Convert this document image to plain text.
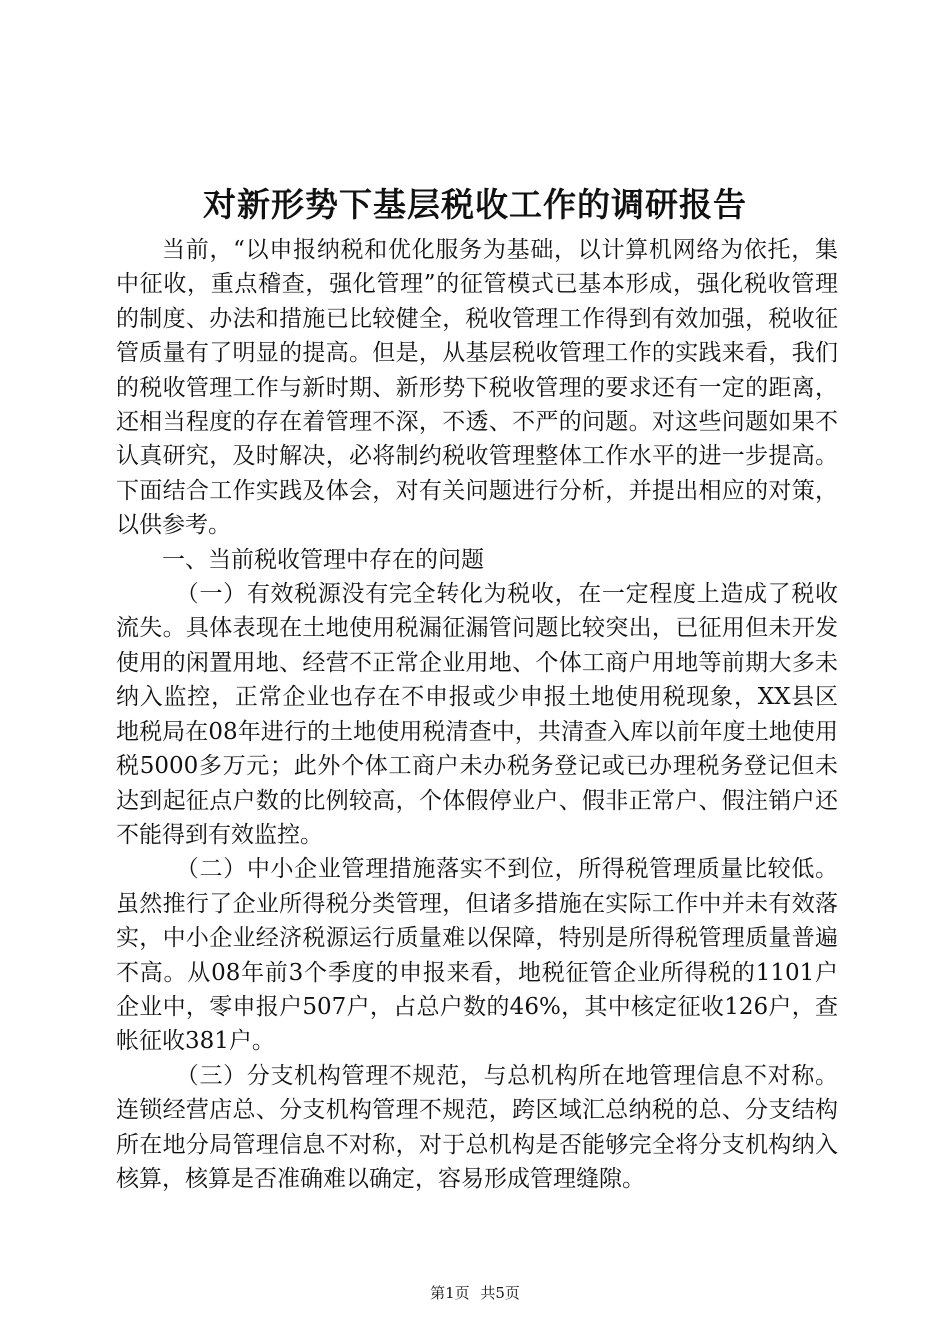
对新形势下基层税收工作的调研报告

当前，“以申报纳税和优化服务为基础，以计算机网络为依托，集中征收，重点稽查，强化管理”的征管模式已基本形成，强化税收管理的制度、办法和措施已比较健全，税收管理工作得到有效加强，税收征管质量有了明显的提高。但是，从基层税收管理工作的实践来看，我们的税收管理工作与新时期、新形势下税收管理的要求还有一定的距离，还相当程度的存在着管理不深，不透、不严的问题。对这些问题如果不认真研究，及时解决，必将制约税收管理整体工作水平的进一步提高。下面结合工作实践及体会，对有关问题进行分析，并提出相应的对策，以供参考。

一、当前税收管理中存在的问题

（一）有效税源没有完全转化为税收，在一定程度上造成了税收流失。具体表现在土地使用税漏征漏管问题比较突出，已征用但未开发使用的闲置用地、经营不正常企业用地、个体工商户用地等前期大多未纳入监控，正常企业也存在不申报或少申报土地使用税现象，XX县区地税局在08年进行的土地使用税清查中，共清查入库以前年度土地使用税5000多万元；此外个体工商户未办税务登记或已办理税务登记但未达到起征点户数的比例较高，个体假停业户、假非正常户、假注销户还不能得到有效监控。

（二）中小企业管理措施落实不到位，所得税管理质量比较低。虽然推行了企业所得税分类管理，但诸多措施在实际工作中并未有效落实，中小企业经济税源运行质量难以保障，特别是所得税管理质量普遍不高。从08年前3个季度的申报来看，地税征管企业所得税的1101户企业中，零申报户507户，占总户数的46%，其中核定征收126户，查帐征收381户。

（三）分支机构管理不规范，与总机构所在地管理信息不对称。连锁经营店总、分支机构管理不规范，跨区域汇总纳税的总、分支结构所在地分局管理信息不对称，对于总机构是否能够完全将分支机构纳入核算，核算是否准确难以确定，容易形成管理缝隙。

第1页 共5页
